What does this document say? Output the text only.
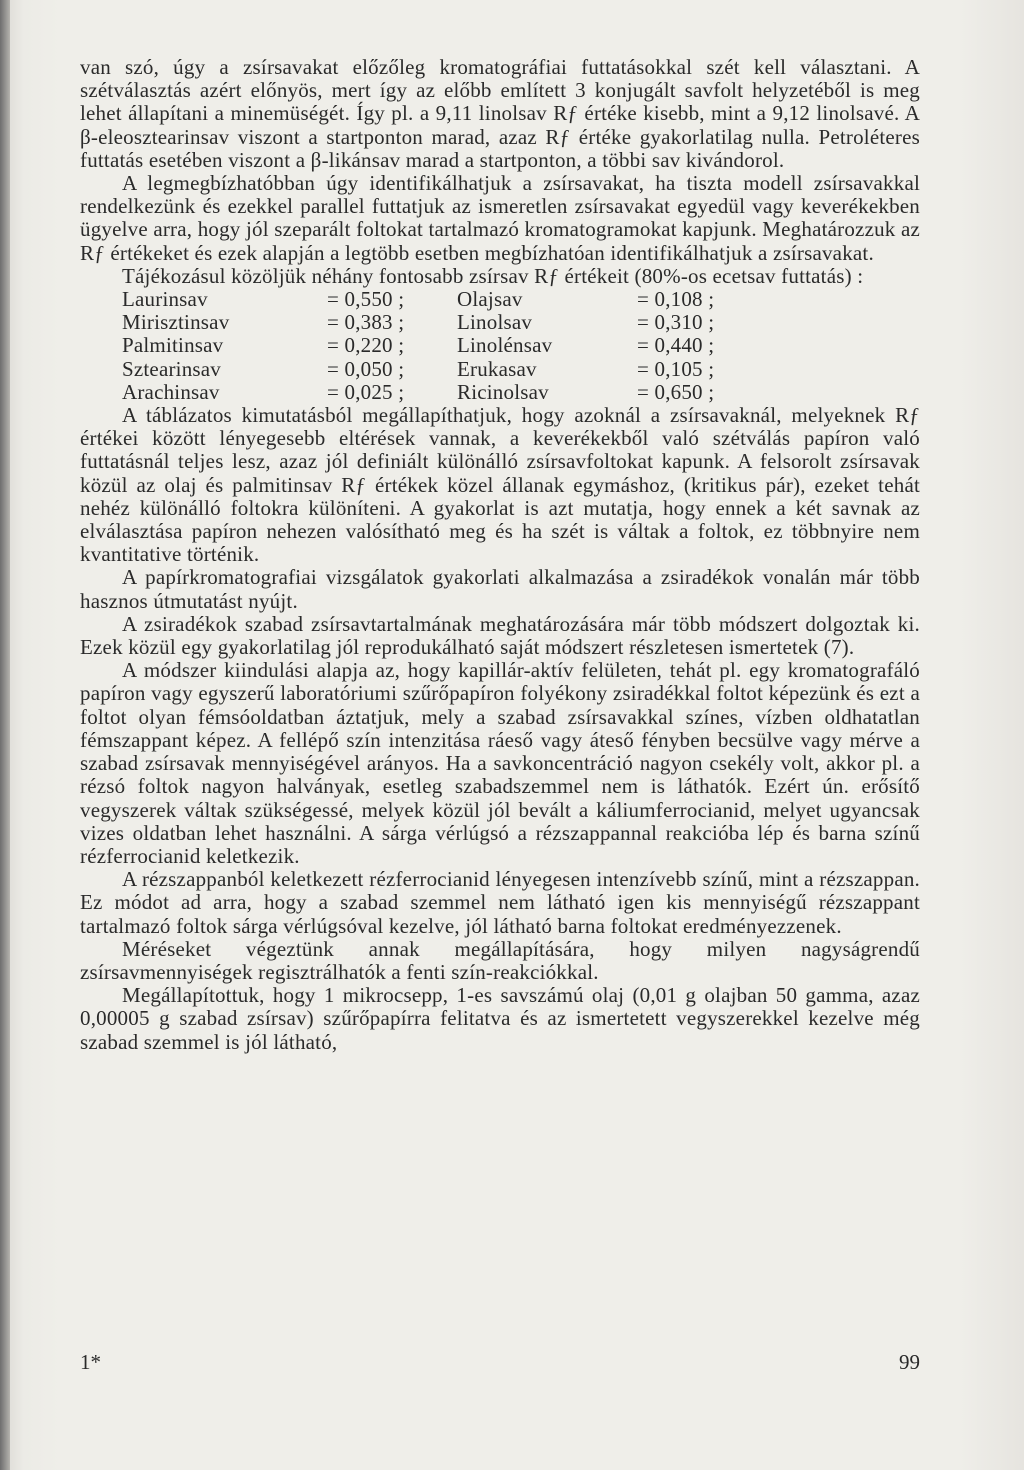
van szó, úgy a zsírsavakat előzőleg kromatográfiai futtatásokkal szét kell választani. A szétválasztás azért előnyös, mert így az előbb említett 3 konjugált savfolt helyzetéből is meg lehet állapítani a minemüségét. Így pl. a 9,11 linolsav Rƒ értéke kisebb, mint a 9,12 linolsavé. A β-eleosztearinsav viszont a startponton marad, azaz Rƒ értéke gyakorlatilag nulla. Petroléteres futtatás esetében viszont a β-likánsav marad a startponton, a többi sav kivándorol.

A legmegbízhatóbban úgy identifikálhatjuk a zsírsavakat, ha tiszta modell zsírsavakkal rendelkezünk és ezekkel parallel futtatjuk az ismeretlen zsírsavakat egyedül vagy keverékekben ügyelve arra, hogy jól szeparált foltokat tartalmazó kromatogramokat kapjunk. Meghatározzuk az Rƒ értékeket és ezek alapján a legtöbb esetben megbízhatóan identifikálhatjuk a zsírsavakat.

Tájékozásul közöljük néhány fontosabb zsírsav Rƒ értékeit (80%-os ecetsav futtatás) :

Laurinsav	= 0,550 ;	Olajsav	= 0,108 ;
Mirisztinsav	= 0,383 ;	Linolsav	= 0,310 ;
Palmitinsav	= 0,220 ;	Linolénsav	= 0,440 ;
Sztearinsav	= 0,050 ;	Erukasav	= 0,105 ;
Arachinsav	= 0,025 ;	Ricinolsav	= 0,650 ;

A táblázatos kimutatásból megállapíthatjuk, hogy azoknál a zsírsavaknál, melyeknek Rƒ értékei között lényegesebb eltérések vannak, a keverékekből való szétválás papíron való futtatásnál teljes lesz, azaz jól definiált különálló zsírsavfoltokat kapunk. A felsorolt zsírsavak közül az olaj és palmitinsav Rƒ értékek közel állanak egymáshoz, (kritikus pár), ezeket tehát nehéz különálló foltokra különíteni. A gyakorlat is azt mutatja, hogy ennek a két savnak az elválasztása papíron nehezen valósítható meg és ha szét is váltak a foltok, ez többnyire nem kvantitative történik.

A papírkromatografiai vizsgálatok gyakorlati alkalmazása a zsiradékok vonalán már több hasznos útmutatást nyújt.

A zsiradékok szabad zsírsavtartalmának meghatározására már több módszert dolgoztak ki. Ezek közül egy gyakorlatilag jól reprodukálható saját módszert részletesen ismertetek (7).

A módszer kiindulási alapja az, hogy kapillár-aktív felületen, tehát pl. egy kromatografáló papíron vagy egyszerű laboratóriumi szűrőpapíron folyékony zsiradékkal foltot képezünk és ezt a foltot olyan fémsóoldatban áztatjuk, mely a szabad zsírsavakkal színes, vízben oldhatatlan fémszappant képez. A fellépő szín intenzitása ráeső vagy áteső fényben becsülve vagy mérve a szabad zsírsavak mennyiségével arányos. Ha a savkoncentráció nagyon csekély volt, akkor pl. a rézsó foltok nagyon halványak, esetleg szabadszemmel nem is láthatók. Ezért ún. erősítő vegyszerek váltak szükségessé, melyek közül jól bevált a káliumferrocianid, melyet ugyancsak vizes oldatban lehet használni. A sárga vérlúgsó a rézszappannal reakcióba lép és barna színű rézferrocianid keletkezik.

A rézszappanból keletkezett rézferrocianid lényegesen intenzívebb színű, mint a rézszappan. Ez módot ad arra, hogy a szabad szemmel nem látható igen kis mennyiségű rézszappant tartalmazó foltok sárga vérlúgsóval kezelve, jól látható barna foltokat eredményezzenek.

Méréseket végeztünk annak megállapítására, hogy milyen nagyságrendű zsírsavmennyiségek regisztrálhatók a fenti szín-reakciókkal.

Megállapítottuk, hogy 1 mikrocsepp, 1-es savszámú olaj (0,01 g olajban 50 gamma, azaz 0,00005 g szabad zsírsav) szűrőpapírra felitatva és az ismertetett vegyszerekkel kezelve még szabad szemmel is jól látható,

1*	99
